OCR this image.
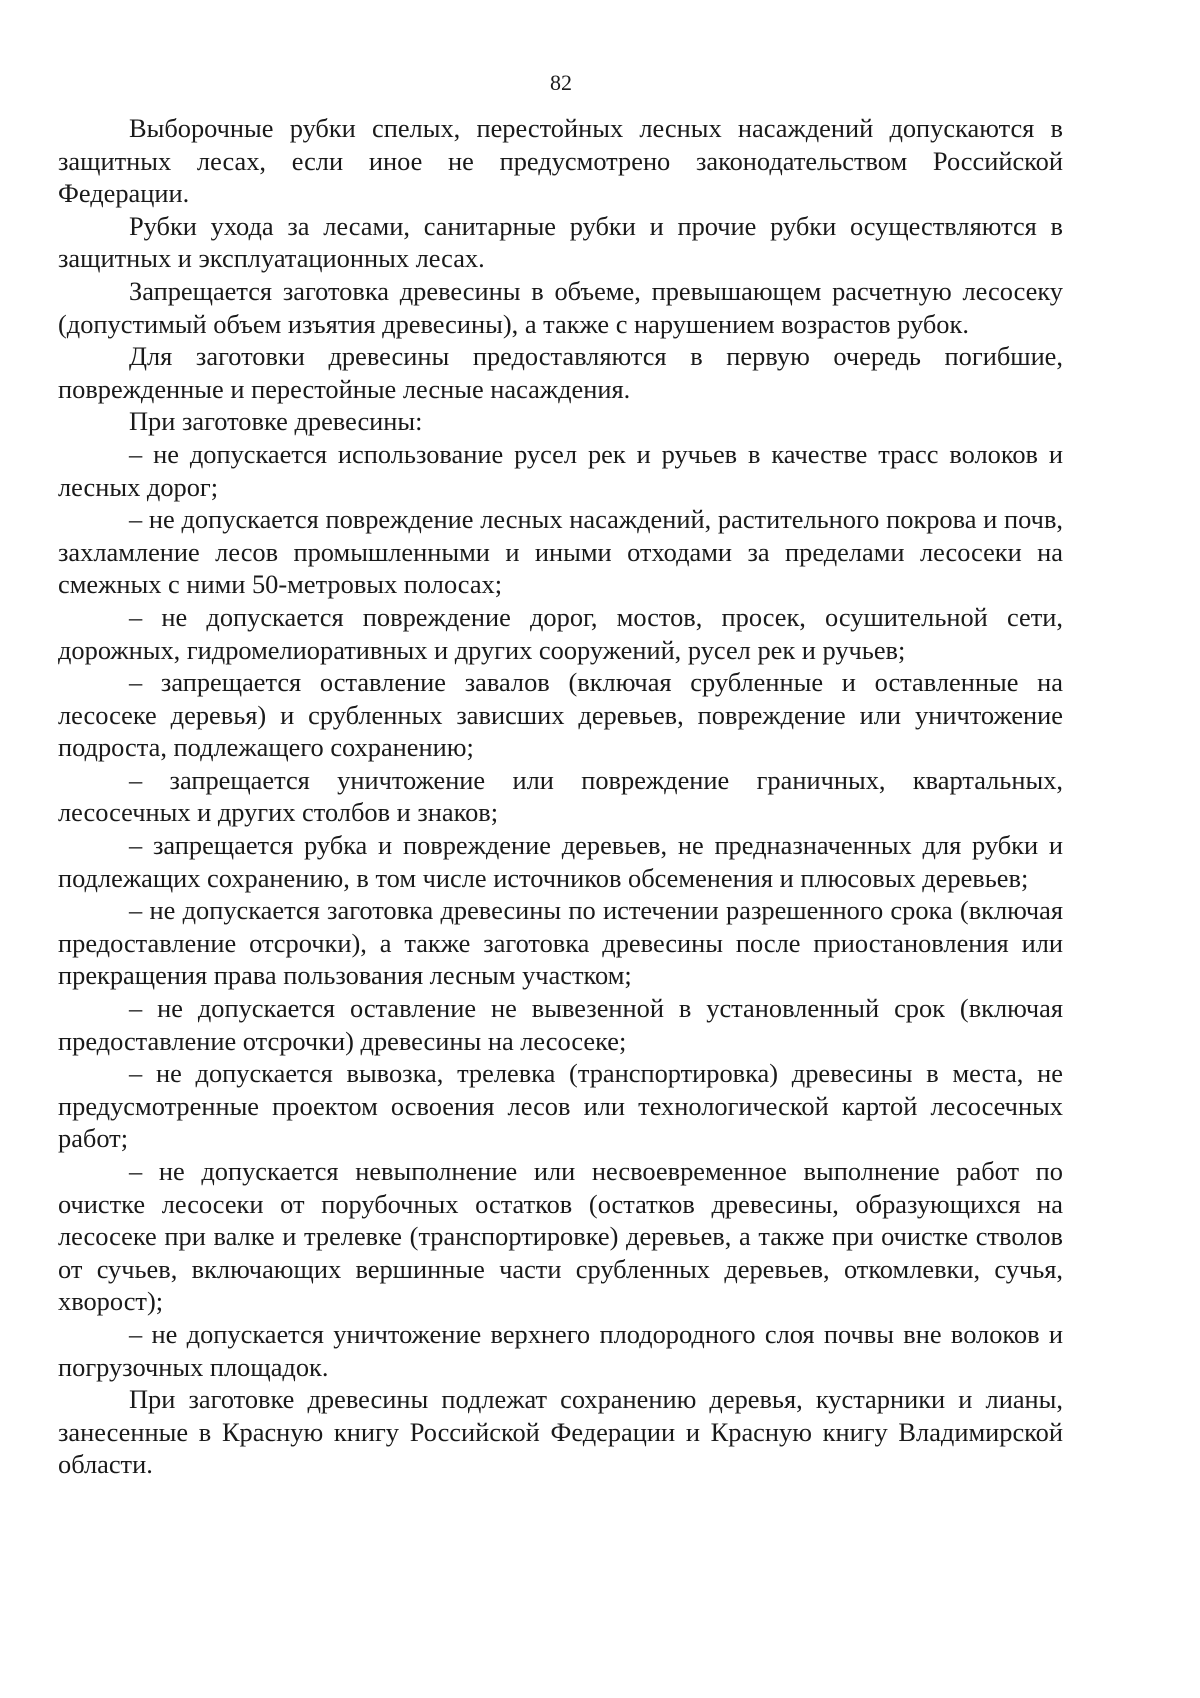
82

Выборочные рубки спелых, перестойных лесных насаждений допускаются в защитных лесах, если иное не предусмотрено законодательством Российской Федерации.

Рубки ухода за лесами, санитарные рубки и прочие рубки осуществляются в защитных и эксплуатационных лесах.

Запрещается заготовка древесины в объеме, превышающем расчетную лесосеку (допустимый объем изъятия древесины), а также с нарушением возрастов рубок.

Для заготовки древесины предоставляются в первую очередь погибшие, поврежденные и перестойные лесные насаждения.

При заготовке древесины:

– не допускается использование русел рек и ручьев в качестве трасс волоков и лесных дорог;

– не допускается повреждение лесных насаждений, растительного покрова и почв, захламление лесов промышленными и иными отходами за пределами лесосеки на смежных с ними 50-метровых полосах;

– не допускается повреждение дорог, мостов, просек, осушительной сети, дорожных, гидромелиоративных и других сооружений, русел рек и ручьев;

– запрещается оставление завалов (включая срубленные и оставленные на лесосеке деревья) и срубленных зависших деревьев, повреждение или уничтожение подроста, подлежащего сохранению;

– запрещается уничтожение или повреждение граничных, квартальных, лесосечных и других столбов и знаков;

– запрещается рубка и повреждение деревьев, не предназначенных для рубки и подлежащих сохранению, в том числе источников обсеменения и плюсовых деревьев;

– не допускается заготовка древесины по истечении разрешенного срока (включая предоставление отсрочки), а также заготовка древесины после приостановления или прекращения права пользования лесным участком;

– не допускается оставление не вывезенной в установленный срок (включая предоставление отсрочки) древесины на лесосеке;

– не допускается вывозка, трелевка (транспортировка) древесины в места, не предусмотренные проектом освоения лесов или технологической картой лесосечных работ;

– не допускается невыполнение или несвоевременное выполнение работ по очистке лесосеки от порубочных остатков (остатков древесины, образующихся на лесосеке при валке и трелевке (транспортировке) деревьев, а также при очистке стволов от сучьев, включающих вершинные части срубленных деревьев, откомлевки, сучья, хворост);

– не допускается уничтожение верхнего плодородного слоя почвы вне волоков и погрузочных площадок.

При заготовке древесины подлежат сохранению деревья, кустарники и лианы, занесенные в Красную книгу Российской Федерации и Красную книгу Владимирской области.
